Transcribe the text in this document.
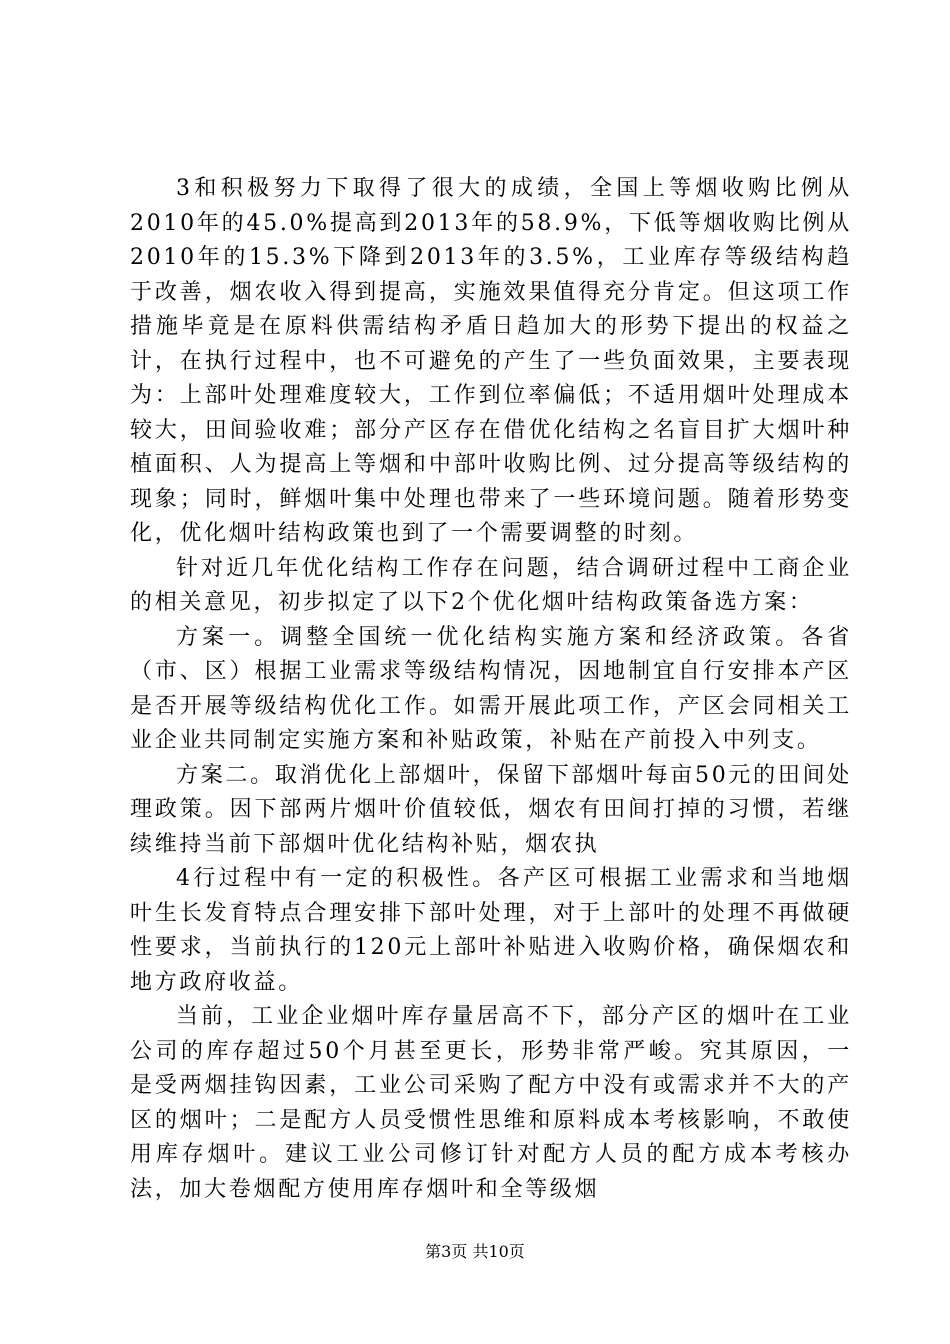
3和积极努力下取得了很大的成绩，全国上等烟收购比例从2010年的45.0%提高到2013年的58.9%，下低等烟收购比例从2010年的15.3%下降到2013年的3.5%，工业库存等级结构趋于改善，烟农收入得到提高，实施效果值得充分肯定。但这项工作措施毕竟是在原料供需结构矛盾日趋加大的形势下提出的权益之计，在执行过程中，也不可避免的产生了一些负面效果，主要表现为：上部叶处理难度较大，工作到位率偏低；不适用烟叶处理成本较大，田间验收难；部分产区存在借优化结构之名盲目扩大烟叶种植面积、人为提高上等烟和中部叶收购比例、过分提高等级结构的现象；同时，鲜烟叶集中处理也带来了一些环境问题。随着形势变化，优化烟叶结构政策也到了一个需要调整的时刻。

针对近几年优化结构工作存在问题，结合调研过程中工商企业的相关意见，初步拟定了以下2个优化烟叶结构政策备选方案：

方案一。调整全国统一优化结构实施方案和经济政策。各省（市、区）根据工业需求等级结构情况，因地制宜自行安排本产区是否开展等级结构优化工作。如需开展此项工作，产区会同相关工业企业共同制定实施方案和补贴政策，补贴在产前投入中列支。

方案二。取消优化上部烟叶，保留下部烟叶每亩50元的田间处理政策。因下部两片烟叶价值较低，烟农有田间打掉的习惯，若继续维持当前下部烟叶优化结构补贴，烟农执

4行过程中有一定的积极性。各产区可根据工业需求和当地烟叶生长发育特点合理安排下部叶处理，对于上部叶的处理不再做硬性要求，当前执行的120元上部叶补贴进入收购价格，确保烟农和地方政府收益。

当前，工业企业烟叶库存量居高不下，部分产区的烟叶在工业公司的库存超过50个月甚至更长，形势非常严峻。究其原因，一是受两烟挂钩因素，工业公司采购了配方中没有或需求并不大的产区的烟叶；二是配方人员受惯性思维和原料成本考核影响，不敢使用库存烟叶。建议工业公司修订针对配方人员的配方成本考核办法，加大卷烟配方使用库存烟叶和全等级烟

第3页 共10页
